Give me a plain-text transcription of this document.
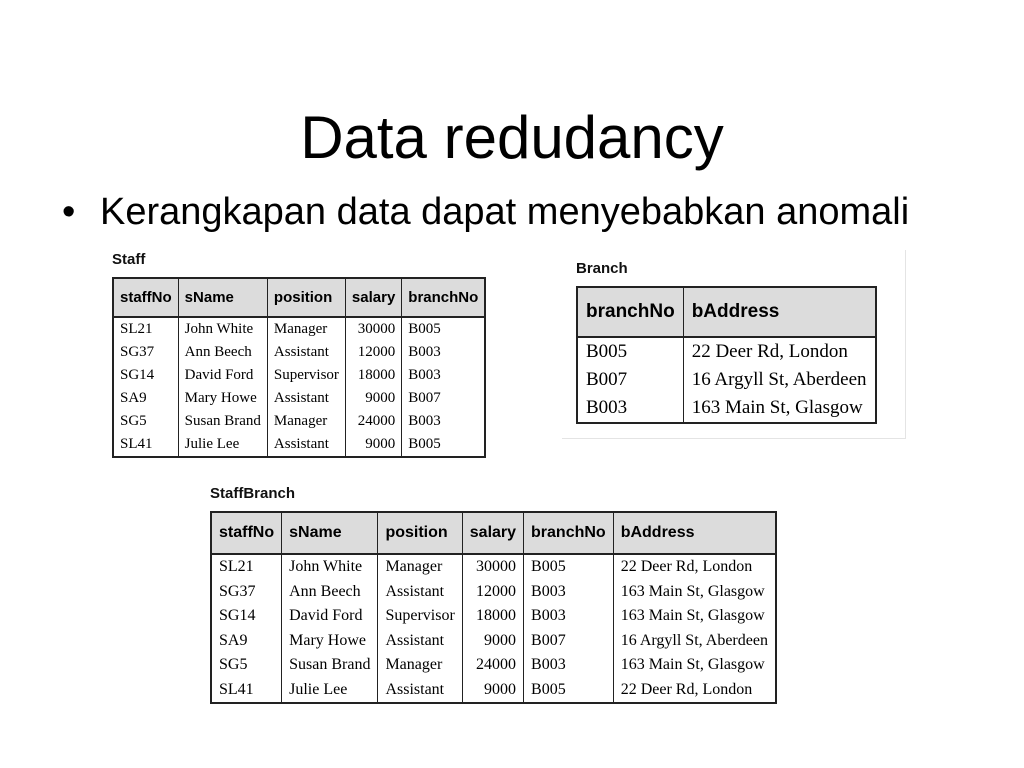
Data redudancy
• Kerangkapan data dapat menyebabkan anomali
Staff
staffNo	sName	position	salary	branchNo
SL21	John White	Manager	30000	B005
SG37	Ann Beech	Assistant	12000	B003
SG14	David Ford	Supervisor	18000	B003
SA9	Mary Howe	Assistant	9000	B007
SG5	Susan Brand	Manager	24000	B003
SL41	Julie Lee	Assistant	9000	B005
Branch
branchNo	bAddress
B005	22 Deer Rd, London
B007	16 Argyll St, Aberdeen
B003	163 Main St, Glasgow
StaffBranch
staffNo	sName	position	salary	branchNo	bAddress
SL21	John White	Manager	30000	B005	22 Deer Rd, London
SG37	Ann Beech	Assistant	12000	B003	163 Main St, Glasgow
SG14	David Ford	Supervisor	18000	B003	163 Main St, Glasgow
SA9	Mary Howe	Assistant	9000	B007	16 Argyll St, Aberdeen
SG5	Susan Brand	Manager	24000	B003	163 Main St, Glasgow
SL41	Julie Lee	Assistant	9000	B005	22 Deer Rd, London
